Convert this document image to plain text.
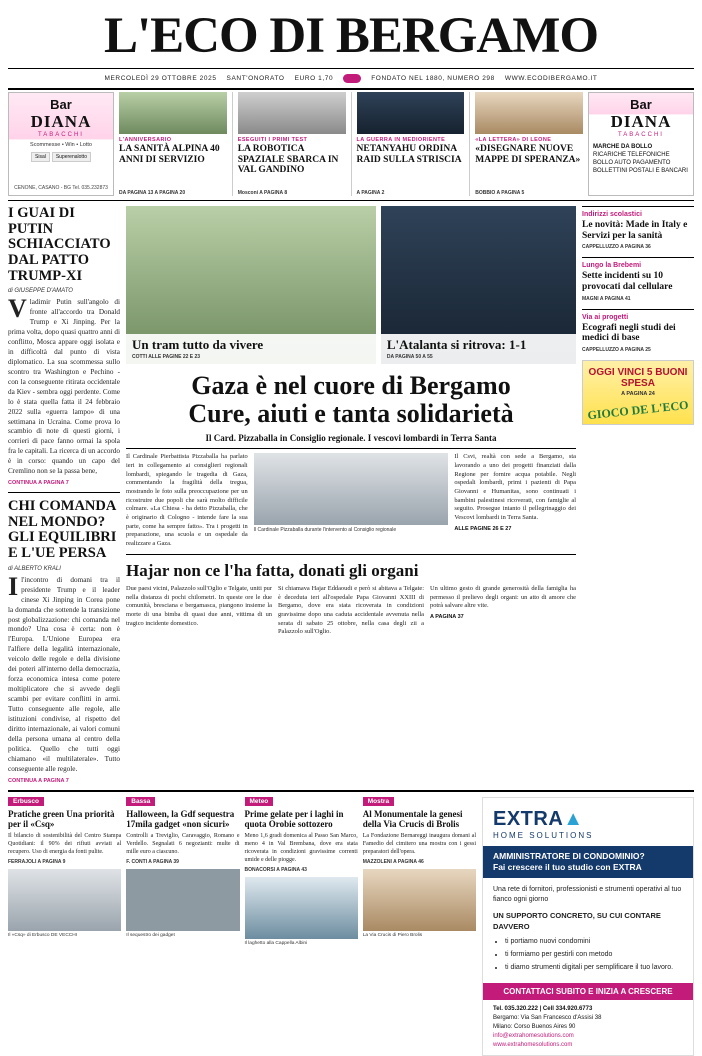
L'ECO DI BERGAMO
MERCOLEDÌ 29 OTTOBRE 2025 SANT'ONORATO EURO 1,70	FONDATO NEL 1880, NUMERO 298 WWW.ECODIBERGAMO.IT
Bar
DIANA
TABACCHI
Scommesse • Win • Lotto
Sisal	Superenalotto
CENONE, CASANO - BG Tel. 035.232873
L'ANNIVERSARIO
LA SANITÀ ALPINA 40 ANNI DI SERVIZIO
DA PAGINA 13 A PAGINA 20
ESEGUITI I PRIMI TEST
LA ROBOTICA SPAZIALE SBARCA IN VAL GANDINO
Mosconi A PAGINA 8
LA GUERRA IN MEDIORIENTE
NETANYAHU ORDINA RAID SULLA STRISCIA
A PAGINA 2
«LA LETTERA» DI LEONE
«DISEGNARE NUOVE MAPPE DI SPERANZA»
BOBBIO A PAGINA 5
Bar
DIANA
TABACCHI
MARCHE DA BOLLO
RICARICHE TELEFONICHE BOLLO AUTO PAGAMENTO BOLLETTINI POSTALI E BANCARI
I GUAI DI PUTIN SCHIACCIATO DAL PATTO TRUMP-XI
di GIUSEPPE D'AMATO
Vladimir Putin sull'angolo di fronte all'accordo tra Donald Trump e Xi Jinping. Per la prima volta, dopo quasi quattro anni di conflitto, Mosca appare oggi isolata e in difficoltà dal punto di vista diplomatico. La sua scommessa sullo scontro tra Washington e Pechino - con la conseguente ritirata occidentale da Kiev - sembra oggi perdente. Come lo è stata quella fatta il 24 febbraio 2022 sulla «guerra lampo» di una settimana in Ucraina. Come prova lo scambio di note di questi giorni, i corrieri di pace fanno ormai la spola fra le capitali. La ricerca di un accordo è in corso: quando un capo del Cremlino non se la passa bene,
CONTINUA A PAGINA 7
CHI COMANDA NEL MONDO? GLI EQUILIBRI E L'UE PERSA
di ALBERTO KRALI
Il'incontro di domani tra il presidente Trump e il leader cinese Xi Jinping in Corea pone la domanda che sottende la transizione post globalizzazione: chi comanda nel mondo? Una cosa è certa: non è l'Europa. L'Unione Europea era l'alfiere della legalità internazionale, veicolo delle regole e della divisione dei poteri all'interno della democrazia, forza economica intesa come potere moltiplicatore che si avvede degli scambi per evitare conflitti in armi. Tutto conseguente alle regole, alle istituzioni condivise, al rispetto del diritto internazionale, ai valori comuni della persona umana al centro della politica. Quello che tutti oggi chiamano «il multilaterale». Tutto conseguente alle regole.
CONTINUA A PAGINA 7
Un tram tutto da vivere
COTTI ALLE PAGINE 22 E 23
L'Atalanta si ritrova: 1-1
DA PAGINA 50 A 55
Gaza è nel cuore di Bergamo
Cure, aiuti e tanta solidarietà
Il Card. Pizzaballa in Consiglio regionale. I vescovi lombardi in Terra Santa
Il Cardinale Pierbattista Pizzaballa ha parlato ieri in collegamento ai consiglieri regionali lombardi, spiegando le tragedia di Gaza, commentando la fragilità della tregua, mostrando le foto sulla preoccupazione per un ricostruire due popoli che sarà molto difficile colmare. «La Chiesa - ha detto Pizzaballa, che è originario di Cologno - intende fare la sua parte, come ha sempre fatto». Tra i progetti in preparazione, una scuola e un ospedale da realizzare a Gaza.
Il Cardinale Pizzaballa durante l'intervento al Consiglio regionale
Il Csvi, realtà con sede a Bergamo, sta lavorando a uno dei progetti finanziati dalla Regione per fornire acqua potabile. Negli ospedali lombardi, primi i pazienti di Papa Giovanni e Humanitas, sono continuati i bambini palestinesi ricoverati, con famiglie al seguito. Prosegue intanto il pellegrinaggio dei Vescovi lombardi in Terra Santa.
ALLE PAGINE 26 E 27
Hajar non ce l'ha fatta, donati gli organi
Due paesi vicini, Palazzolo sull'Oglio e Telgate, uniti pur nella distanza di pochi chilometri. In queste ore le due comunità, bresciana e bergamasca, piangono insieme la morte di una bimba di quasi due anni, vittima di un tragico incidente domestico.
Si chiamava Hajar Eddaoudi e però si abitava a Telgate: è deceduta ieri all'ospedale Papa Giovanni XXIII di Bergamo, dove era stata ricoverata in condizioni gravissime dopo una caduta accidentale avvenuta nella serata di sabato 25 ottobre, nella casa degli zii a Palazzolo sull'Oglio.
Un ultimo gesto di grande generosità della famiglia ha permesso il prelievo degli organi: un atto di amore che potrà salvare altre vite.
A PAGINA 37
Indirizzi scolastici
Le novità: Made in Italy e Servizi per la sanità
CAPPELLUZZO A PAGINA 36
Lungo la Brebemi
Sette incidenti su 10 provocati dal cellulare
MAGNI A PAGINA 41
Via ai progetti
Ecografi negli studi dei medici di base
CAPPELLUZZO A PAGINA 25
OGGI VINCI 5 BUONI SPESA
A PAGINA 24
GIOCO DE L'ECO
Erbusco
Pratiche green Una priorità per il «Csq»

Il bilancio di sostenibilità del Centro Stampa Quotidiani: il 90% dei rifiuti avviati al recupero. Uso di energia da fonti pulite.

FERRAJOLI A PAGINA 9
Il «Csq» di Erbusco DE VECCHI
Bassa
Halloween, la Gdf sequestra 17mila gadget «non sicuri»

Controlli a Treviglio, Caravaggio, Romano e Verdello. Segnalati 6 negozianti: multe di mille euro a ciascuno.

F. CONTI A PAGINA 39
Il sequestro dei gadget
Meteo
Prime gelate per i laghi in quota Orobie sottozero

Meno 1,6 gradi domenica al Passo San Marco, meno 4 in Val Brembana, dove era stata ricoverata in condizioni gravissime correnti umide e delle piogge.

BONACORSI A PAGINA 43
Il laghetto alla Cappella Albini
Mostra
Al Monumentale la genesi della Via Crucis di Brolis

La Fondazione Bernareggi inaugura domani al Famedio del cimitero una mostra con i gessi preparatori dell'opera.

MAZZOLENI A PAGINA 46
La Via Crucis di Piero Brolis
EXTRA▲
HOME SOLUTIONS
AMMINISTRATORE DI CONDOMINIO?
Fai crescere il tuo studio con EXTRA
Una rete di fornitori, professionisti e strumenti operativi al tuo fianco ogni giorno
UN SUPPORTO CONCRETO, SU CUI CONTARE DAVVERO
• ti portiamo nuovi condomini
• ti formiamo per gestirli con metodo
• ti diamo strumenti digitali per semplificare il tuo lavoro.
CONTATTACI SUBITO E INIZIA A CRESCERE
Tel. 035.320.222 | Cell 334.920.6773
Bergamo: Via San Francesco d'Assisi 38
Milano: Corso Buenos Aires 90
info@extrahomesolutions.com
www.extrahomesolutions.com
